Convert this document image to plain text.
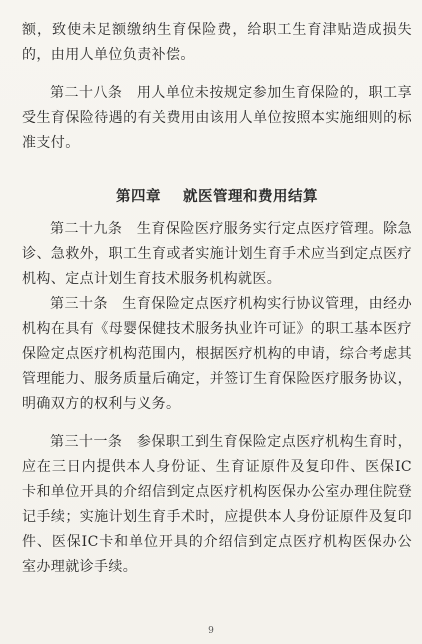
额，致使未足额缴纳生育保险费，给职工生育津贴造成损失的，由用人单位负责补偿。

第二十八条　用人单位未按规定参加生育保险的，职工享受生育保险待遇的有关费用由该用人单位按照本实施细则的标准支付。

第四章 就医管理和费用结算

第二十九条　生育保险医疗服务实行定点医疗管理。除急诊、急救外，职工生育或者实施计划生育手术应当到定点医疗机构、定点计划生育技术服务机构就医。

第三十条　生育保险定点医疗机构实行协议管理，由经办机构在具有《母婴保健技术服务执业许可证》的职工基本医疗保险定点医疗机构范围内，根据医疗机构的申请，综合考虑其管理能力、服务质量后确定，并签订生育保险医疗服务协议，明确双方的权利与义务。

第三十一条　参保职工到生育保险定点医疗机构生育时，应在三日内提供本人身份证、生育证原件及复印件、医保IC卡和单位开具的介绍信到定点医疗机构医保办公室办理住院登记手续；实施计划生育手术时，应提供本人身份证原件及复印件、医保IC卡和单位开具的介绍信到定点医疗机构医保办公室办理就诊手续。

9
